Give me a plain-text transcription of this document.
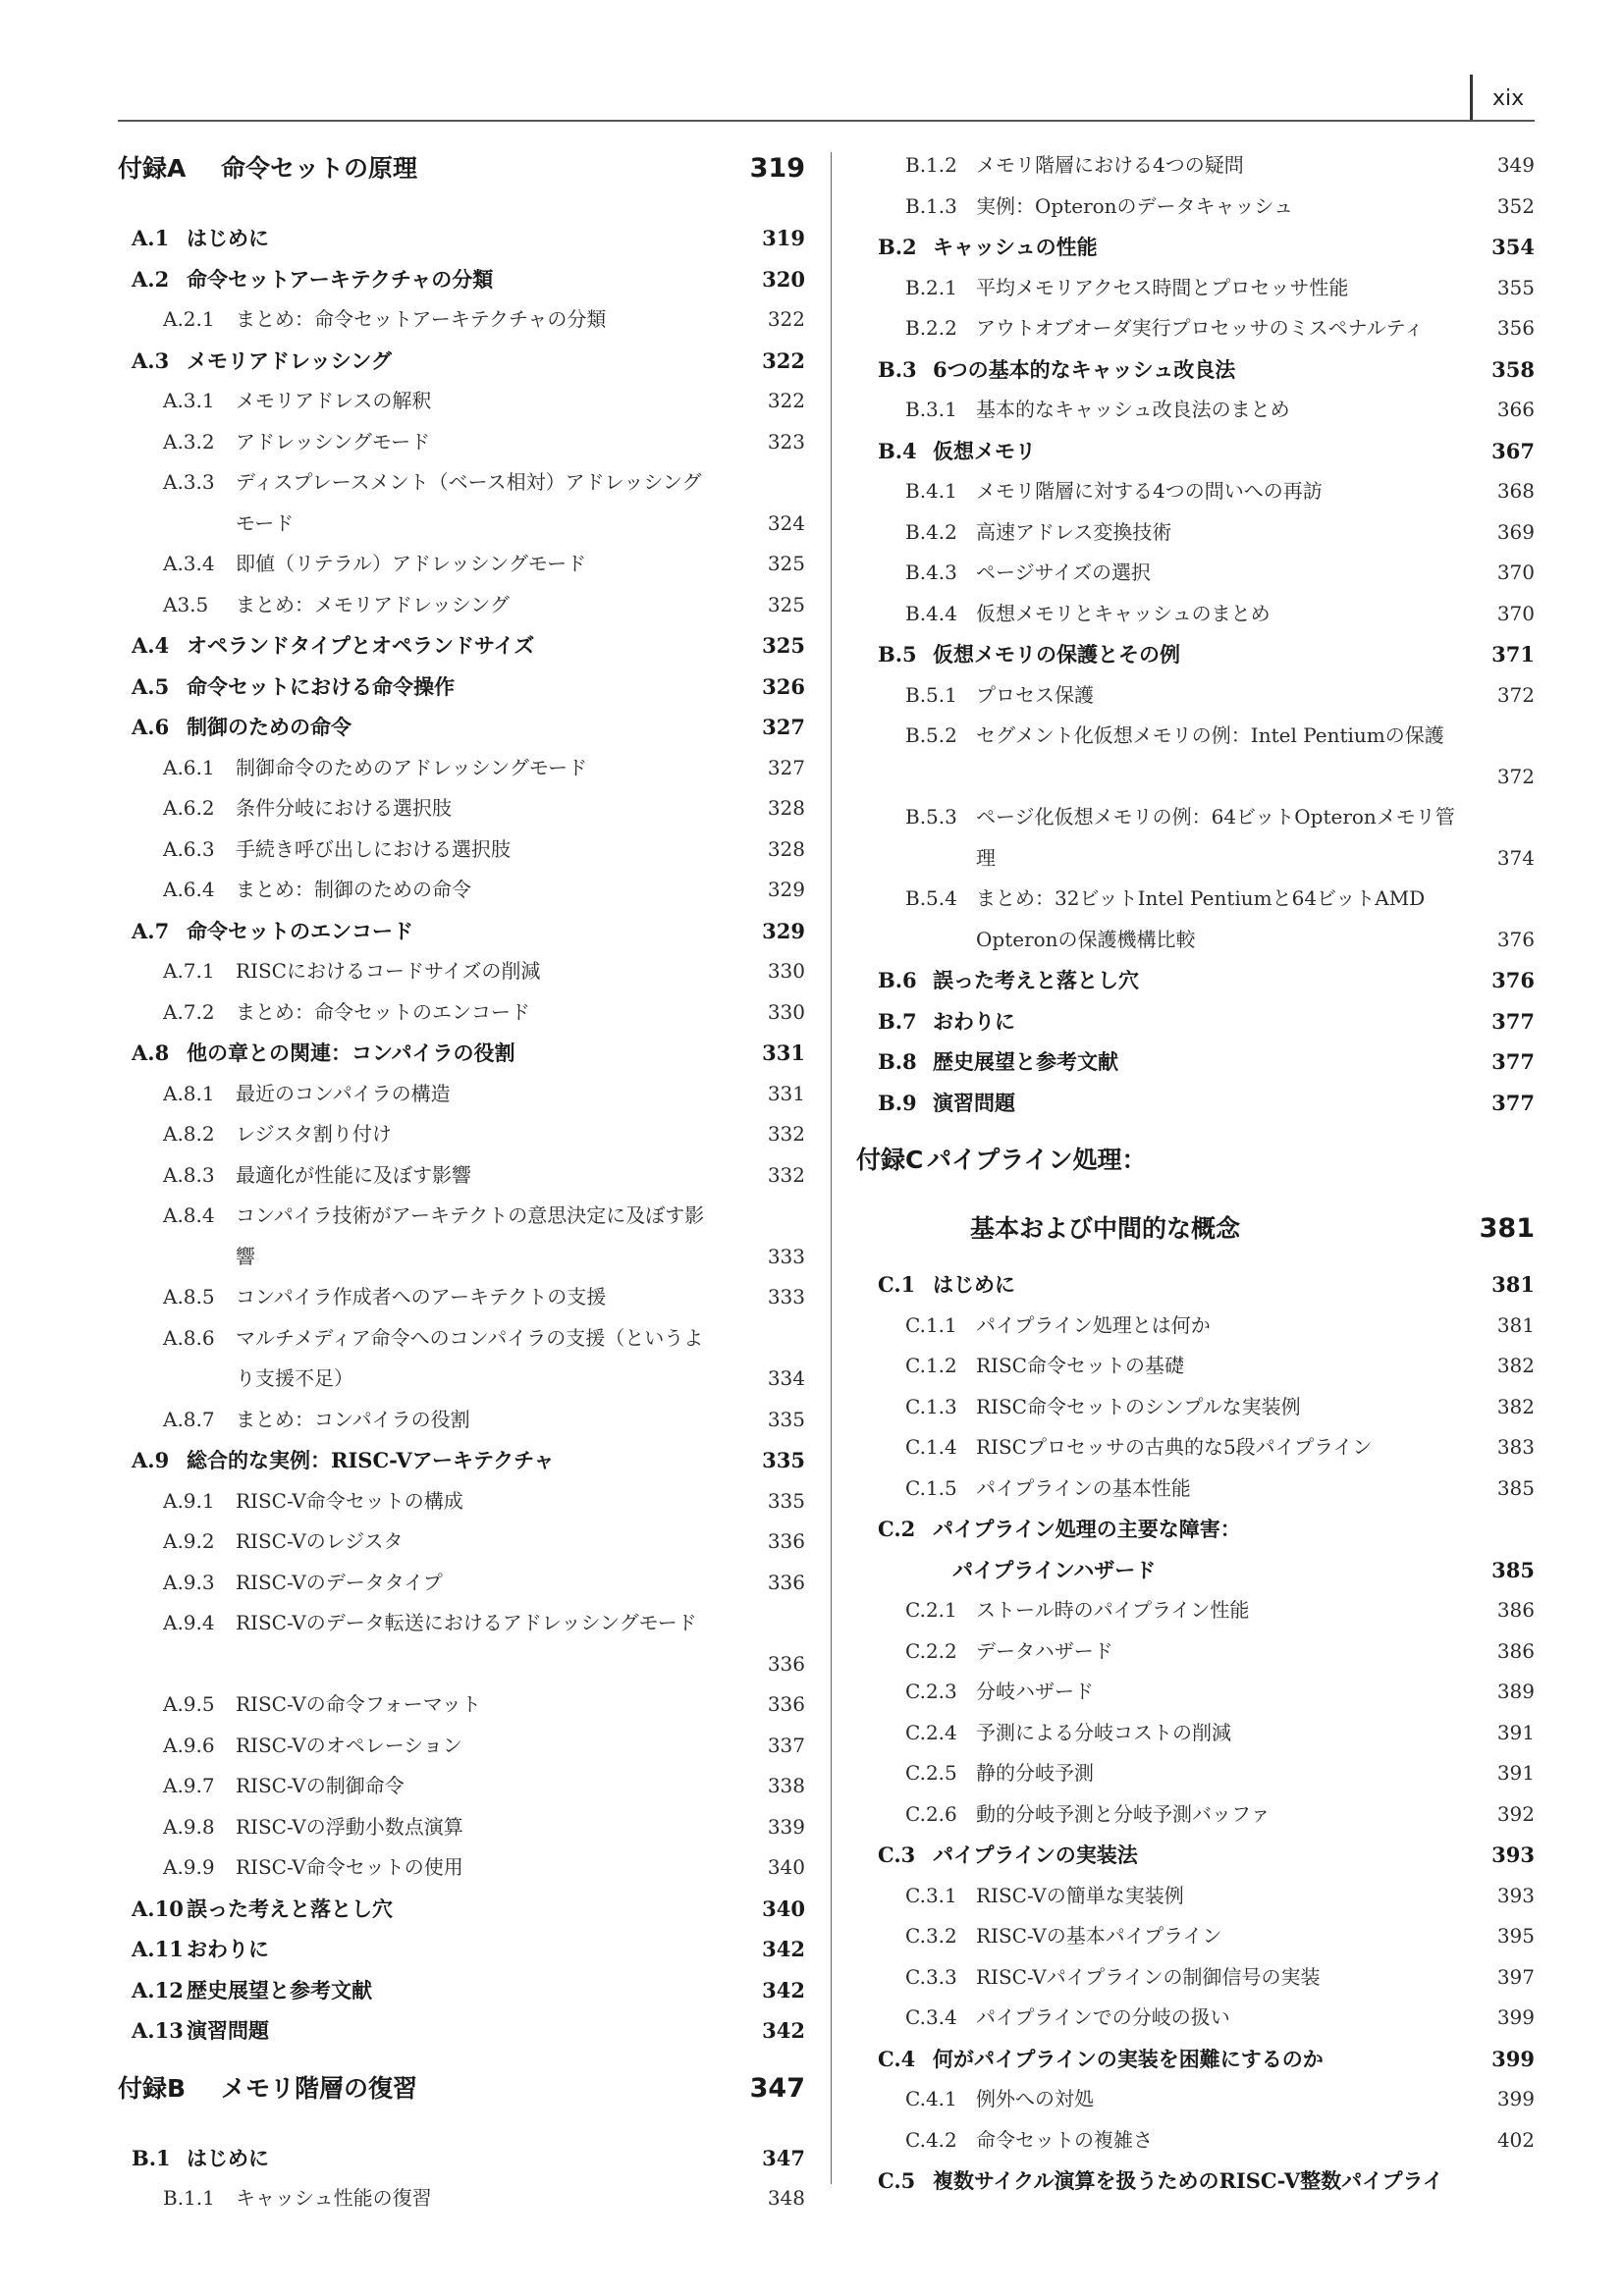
xix
付録A 命令セットの原理	319
A.1 はじめに	319
A.2 命令セットアーキテクチャの分類	320
A.2.1 まとめ：命令セットアーキテクチャの分類	322
A.3 メモリアドレッシング	322
A.3.1 メモリアドレスの解釈	322
A.3.2 アドレッシングモード	323
A.3.3 ディスプレースメント（ベース相対）アドレッシング
モード	324
A.3.4 即値（リテラル）アドレッシングモード	325
A3.5 まとめ：メモリアドレッシング	325
A.4 オペランドタイプとオペランドサイズ	325
A.5 命令セットにおける命令操作	326
A.6 制御のための命令	327
A.6.1 制御命令のためのアドレッシングモード	327
A.6.2 条件分岐における選択肢	328
A.6.3 手続き呼び出しにおける選択肢	328
A.6.4 まとめ：制御のための命令	329
A.7 命令セットのエンコード	329
A.7.1 RISCにおけるコードサイズの削減	330
A.7.2 まとめ：命令セットのエンコード	330
A.8 他の章との関連：コンパイラの役割	331
A.8.1 最近のコンパイラの構造	331
A.8.2 レジスタ割り付け	332
A.8.3 最適化が性能に及ぼす影響	332
A.8.4 コンパイラ技術がアーキテクトの意思決定に及ぼす影
響	333
A.8.5 コンパイラ作成者へのアーキテクトの支援	333
A.8.6 マルチメディア命令へのコンパイラの支援（というよ
り支援不足）	334
A.8.7 まとめ：コンパイラの役割	335
A.9 総合的な実例：RISC-Vアーキテクチャ	335
A.9.1 RISC-V命令セットの構成	335
A.9.2 RISC-Vのレジスタ	336
A.9.3 RISC-Vのデータタイプ	336
A.9.4 RISC-Vのデータ転送におけるアドレッシングモード
336
A.9.5 RISC-Vの命令フォーマット	336
A.9.6 RISC-Vのオペレーション	337
A.9.7 RISC-Vの制御命令	338
A.9.8 RISC-Vの浮動小数点演算	339
A.9.9 RISC-V命令セットの使用	340
A.10 誤った考えと落とし穴	340
A.11 おわりに	342
A.12 歴史展望と参考文献	342
A.13 演習問題	342
付録B メモリ階層の復習	347
B.1 はじめに	347
B.1.1 キャッシュ性能の復習	348
B.1.2 メモリ階層における4つの疑問	349
B.1.3 実例：Opteronのデータキャッシュ	352
B.2 キャッシュの性能	354
B.2.1 平均メモリアクセス時間とプロセッサ性能	355
B.2.2 アウトオブオーダ実行プロセッサのミスペナルティ	356
B.3 6つの基本的なキャッシュ改良法	358
B.3.1 基本的なキャッシュ改良法のまとめ	366
B.4 仮想メモリ	367
B.4.1 メモリ階層に対する4つの問いへの再訪	368
B.4.2 高速アドレス変換技術	369
B.4.3 ページサイズの選択	370
B.4.4 仮想メモリとキャッシュのまとめ	370
B.5 仮想メモリの保護とその例	371
B.5.1 プロセス保護	372
B.5.2 セグメント化仮想メモリの例：Intel Pentiumの保護
372
B.5.3 ページ化仮想メモリの例：64ビットOpteronメモリ管
理	374
B.5.4 まとめ：32ビットIntel Pentiumと64ビットAMD
Opteronの保護機構比較	376
B.6 誤った考えと落とし穴	376
B.7 おわりに	377
B.8 歴史展望と参考文献	377
B.9 演習問題	377
付録C パイプライン処理：
基本および中間的な概念	381
C.1 はじめに	381
C.1.1 パイプライン処理とは何か	381
C.1.2 RISC命令セットの基礎	382
C.1.3 RISC命令セットのシンプルな実装例	382
C.1.4 RISCプロセッサの古典的な5段パイプライン	383
C.1.5 パイプラインの基本性能	385
C.2 パイプライン処理の主要な障害：
パイプラインハザード	385
C.2.1 ストール時のパイプライン性能	386
C.2.2 データハザード	386
C.2.3 分岐ハザード	389
C.2.4 予測による分岐コストの削減	391
C.2.5 静的分岐予測	391
C.2.6 動的分岐予測と分岐予測バッファ	392
C.3 パイプラインの実装法	393
C.3.1 RISC-Vの簡単な実装例	393
C.3.2 RISC-Vの基本パイプライン	395
C.3.3 RISC-Vパイプラインの制御信号の実装	397
C.3.4 パイプラインでの分岐の扱い	399
C.4 何がパイプラインの実装を困難にするのか	399
C.4.1 例外への対処	399
C.4.2 命令セットの複雑さ	402
C.5 複数サイクル演算を扱うためのRISC-V整数パイプライ
